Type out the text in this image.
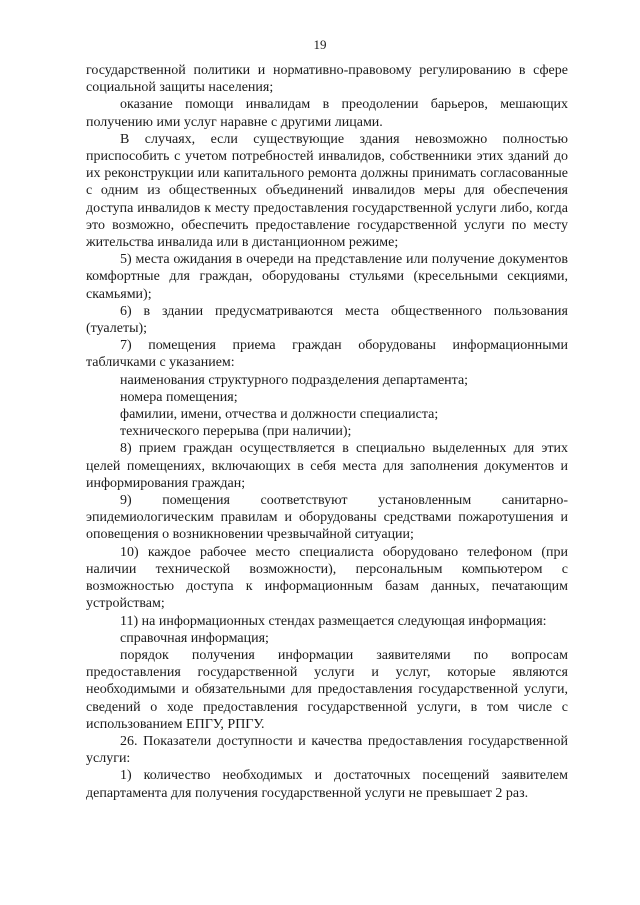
19

государственной политики и нормативно-правовому регулированию в сфере социальной защиты населения;

оказание помощи инвалидам в преодолении барьеров, мешающих получению ими услуг наравне с другими лицами.

В случаях, если существующие здания невозможно полностью приспособить с учетом потребностей инвалидов, собственники этих зданий до их реконструкции или капитального ремонта должны принимать согласованные с одним из общественных объединений инвалидов меры для обеспечения доступа инвалидов к месту предоставления государственной услуги либо, когда это возможно, обеспечить предоставление государственной услуги по месту жительства инвалида или в дистанционном режиме;

5) места ожидания в очереди на представление или получение документов комфортные для граждан, оборудованы стульями (кресельными секциями, скамьями);

6) в здании предусматриваются места общественного пользования (туалеты);

7) помещения приема граждан оборудованы информационными табличками с указанием:

наименования структурного подразделения департамента;

номера помещения;

фамилии, имени, отчества и должности специалиста;

технического перерыва (при наличии);

8) прием граждан осуществляется в специально выделенных для этих целей помещениях, включающих в себя места для заполнения документов и информирования граждан;

9) помещения соответствуют установленным санитарно-эпидемиологическим правилам и оборудованы средствами пожаротушения и оповещения о возникновении чрезвычайной ситуации;

10) каждое рабочее место специалиста оборудовано телефоном (при наличии технической возможности), персональным компьютером с возможностью доступа к информационным базам данных, печатающим устройствам;

11) на информационных стендах размещается следующая информация:

справочная информация;

порядок получения информации заявителями по вопросам предоставления государственной услуги и услуг, которые являются необходимыми и обязательными для предоставления государственной услуги, сведений о ходе предоставления государственной услуги, в том числе с использованием ЕПГУ, РПГУ.

26. Показатели доступности и качества предоставления государственной услуги:

1) количество необходимых и достаточных посещений заявителем департамента для получения государственной услуги не превышает 2 раз.
